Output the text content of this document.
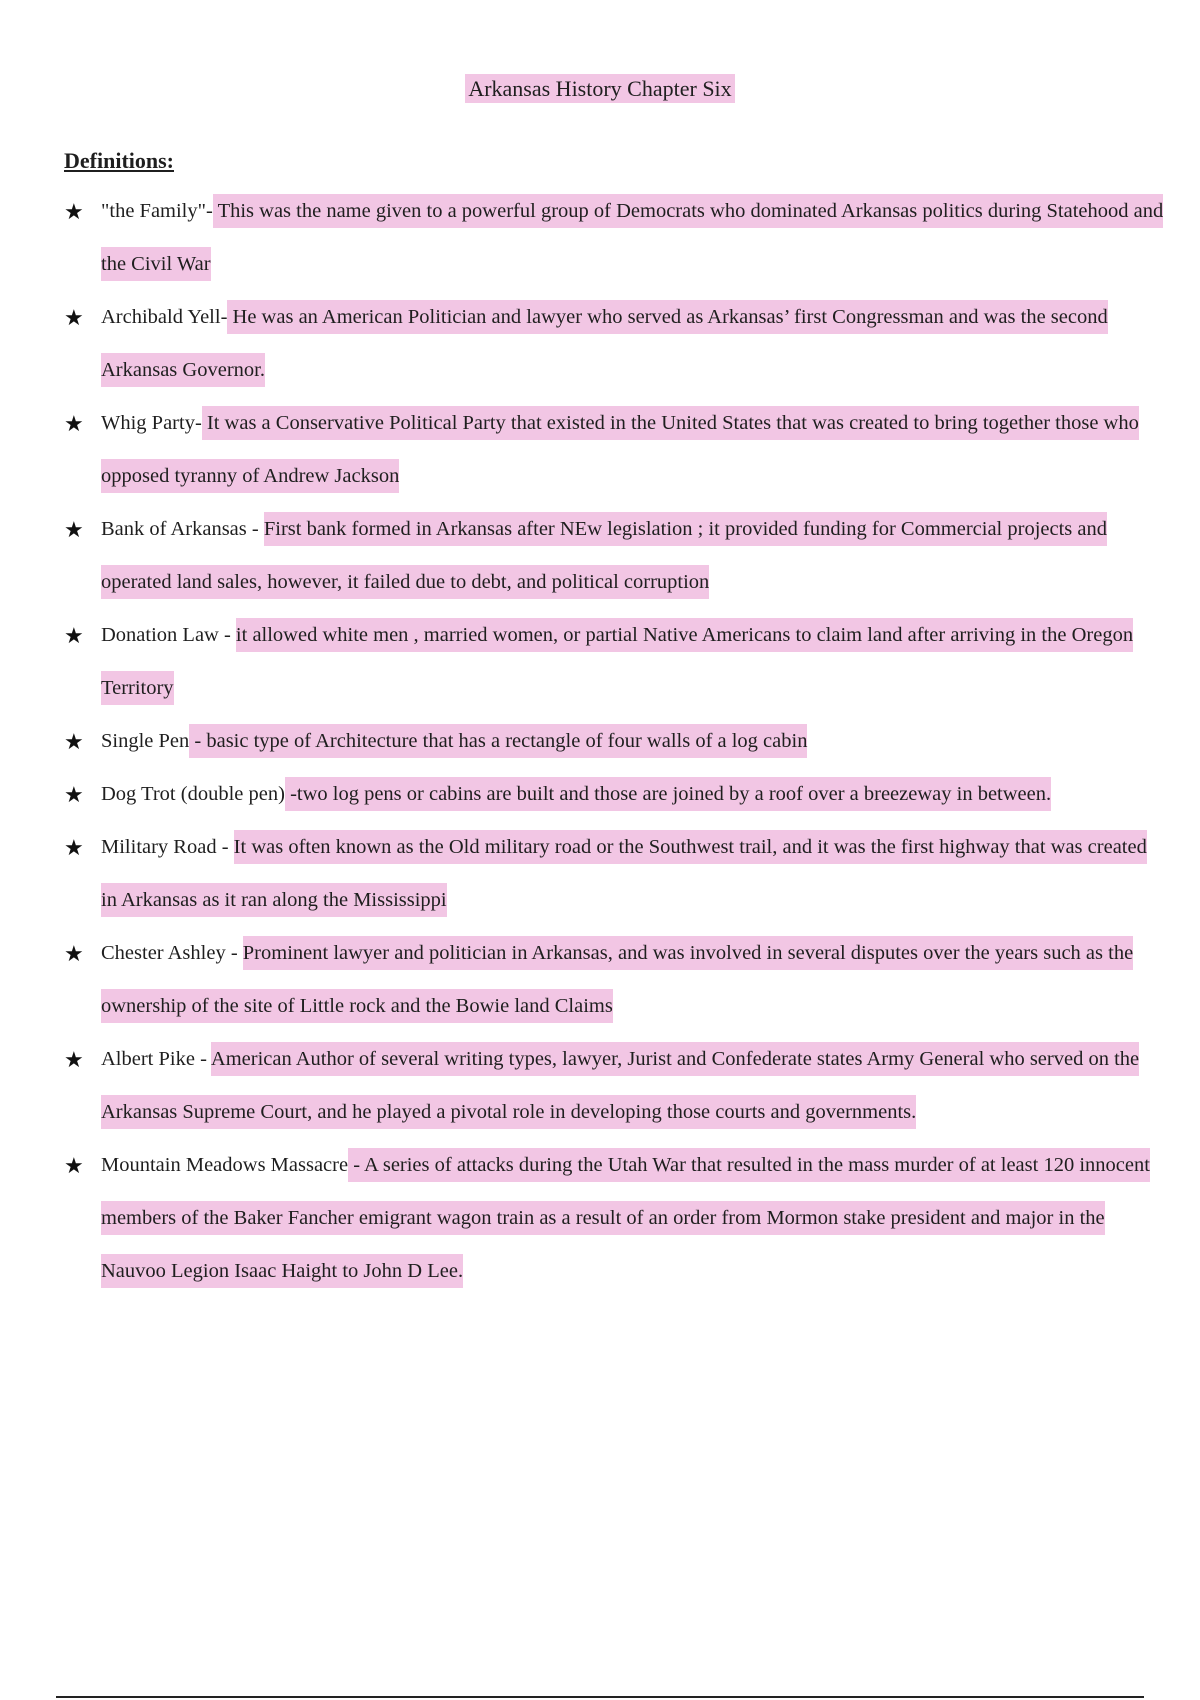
Arkansas History Chapter Six
Definitions:
★ "the Family"- This was the name given to a powerful group of Democrats who dominated Arkansas politics during Statehood and the Civil War
★ Archibald Yell- He was an American Politician and lawyer who served as Arkansas’ first Congressman and was the second Arkansas Governor.
★ Whig Party- It was a Conservative Political Party that existed in the United States that was created to bring together those who opposed tyranny of Andrew Jackson
★ Bank of Arkansas - First bank formed in Arkansas after NEw legislation ; it provided funding for Commercial projects and operated land sales, however, it failed due to debt, and political corruption
★ Donation Law - it allowed white men , married women, or partial Native Americans to claim land after arriving in the Oregon Territory
★ Single Pen - basic type of Architecture that has a rectangle of four walls of a log cabin
★ Dog Trot (double pen) -two log pens or cabins are built and those are joined by a roof over a breezeway in between.
★ Military Road - It was often known as the Old military road or the Southwest trail, and it was the first highway that was created in Arkansas as it ran along the Mississippi
★ Chester Ashley - Prominent lawyer and politician in Arkansas, and was involved in several disputes over the years such as the ownership of the site of Little rock and the Bowie land Claims
★ Albert Pike - American Author of several writing types, lawyer, Jurist and Confederate states Army General who served on the Arkansas Supreme Court, and he played a pivotal role in developing those courts and governments.
★ Mountain Meadows Massacre - A series of attacks during the Utah War that resulted in the mass murder of at least 120 innocent members of the Baker Fancher emigrant wagon train as a result of an order from Mormon stake president and major in the Nauvoo Legion Isaac Haight to John D Lee.
